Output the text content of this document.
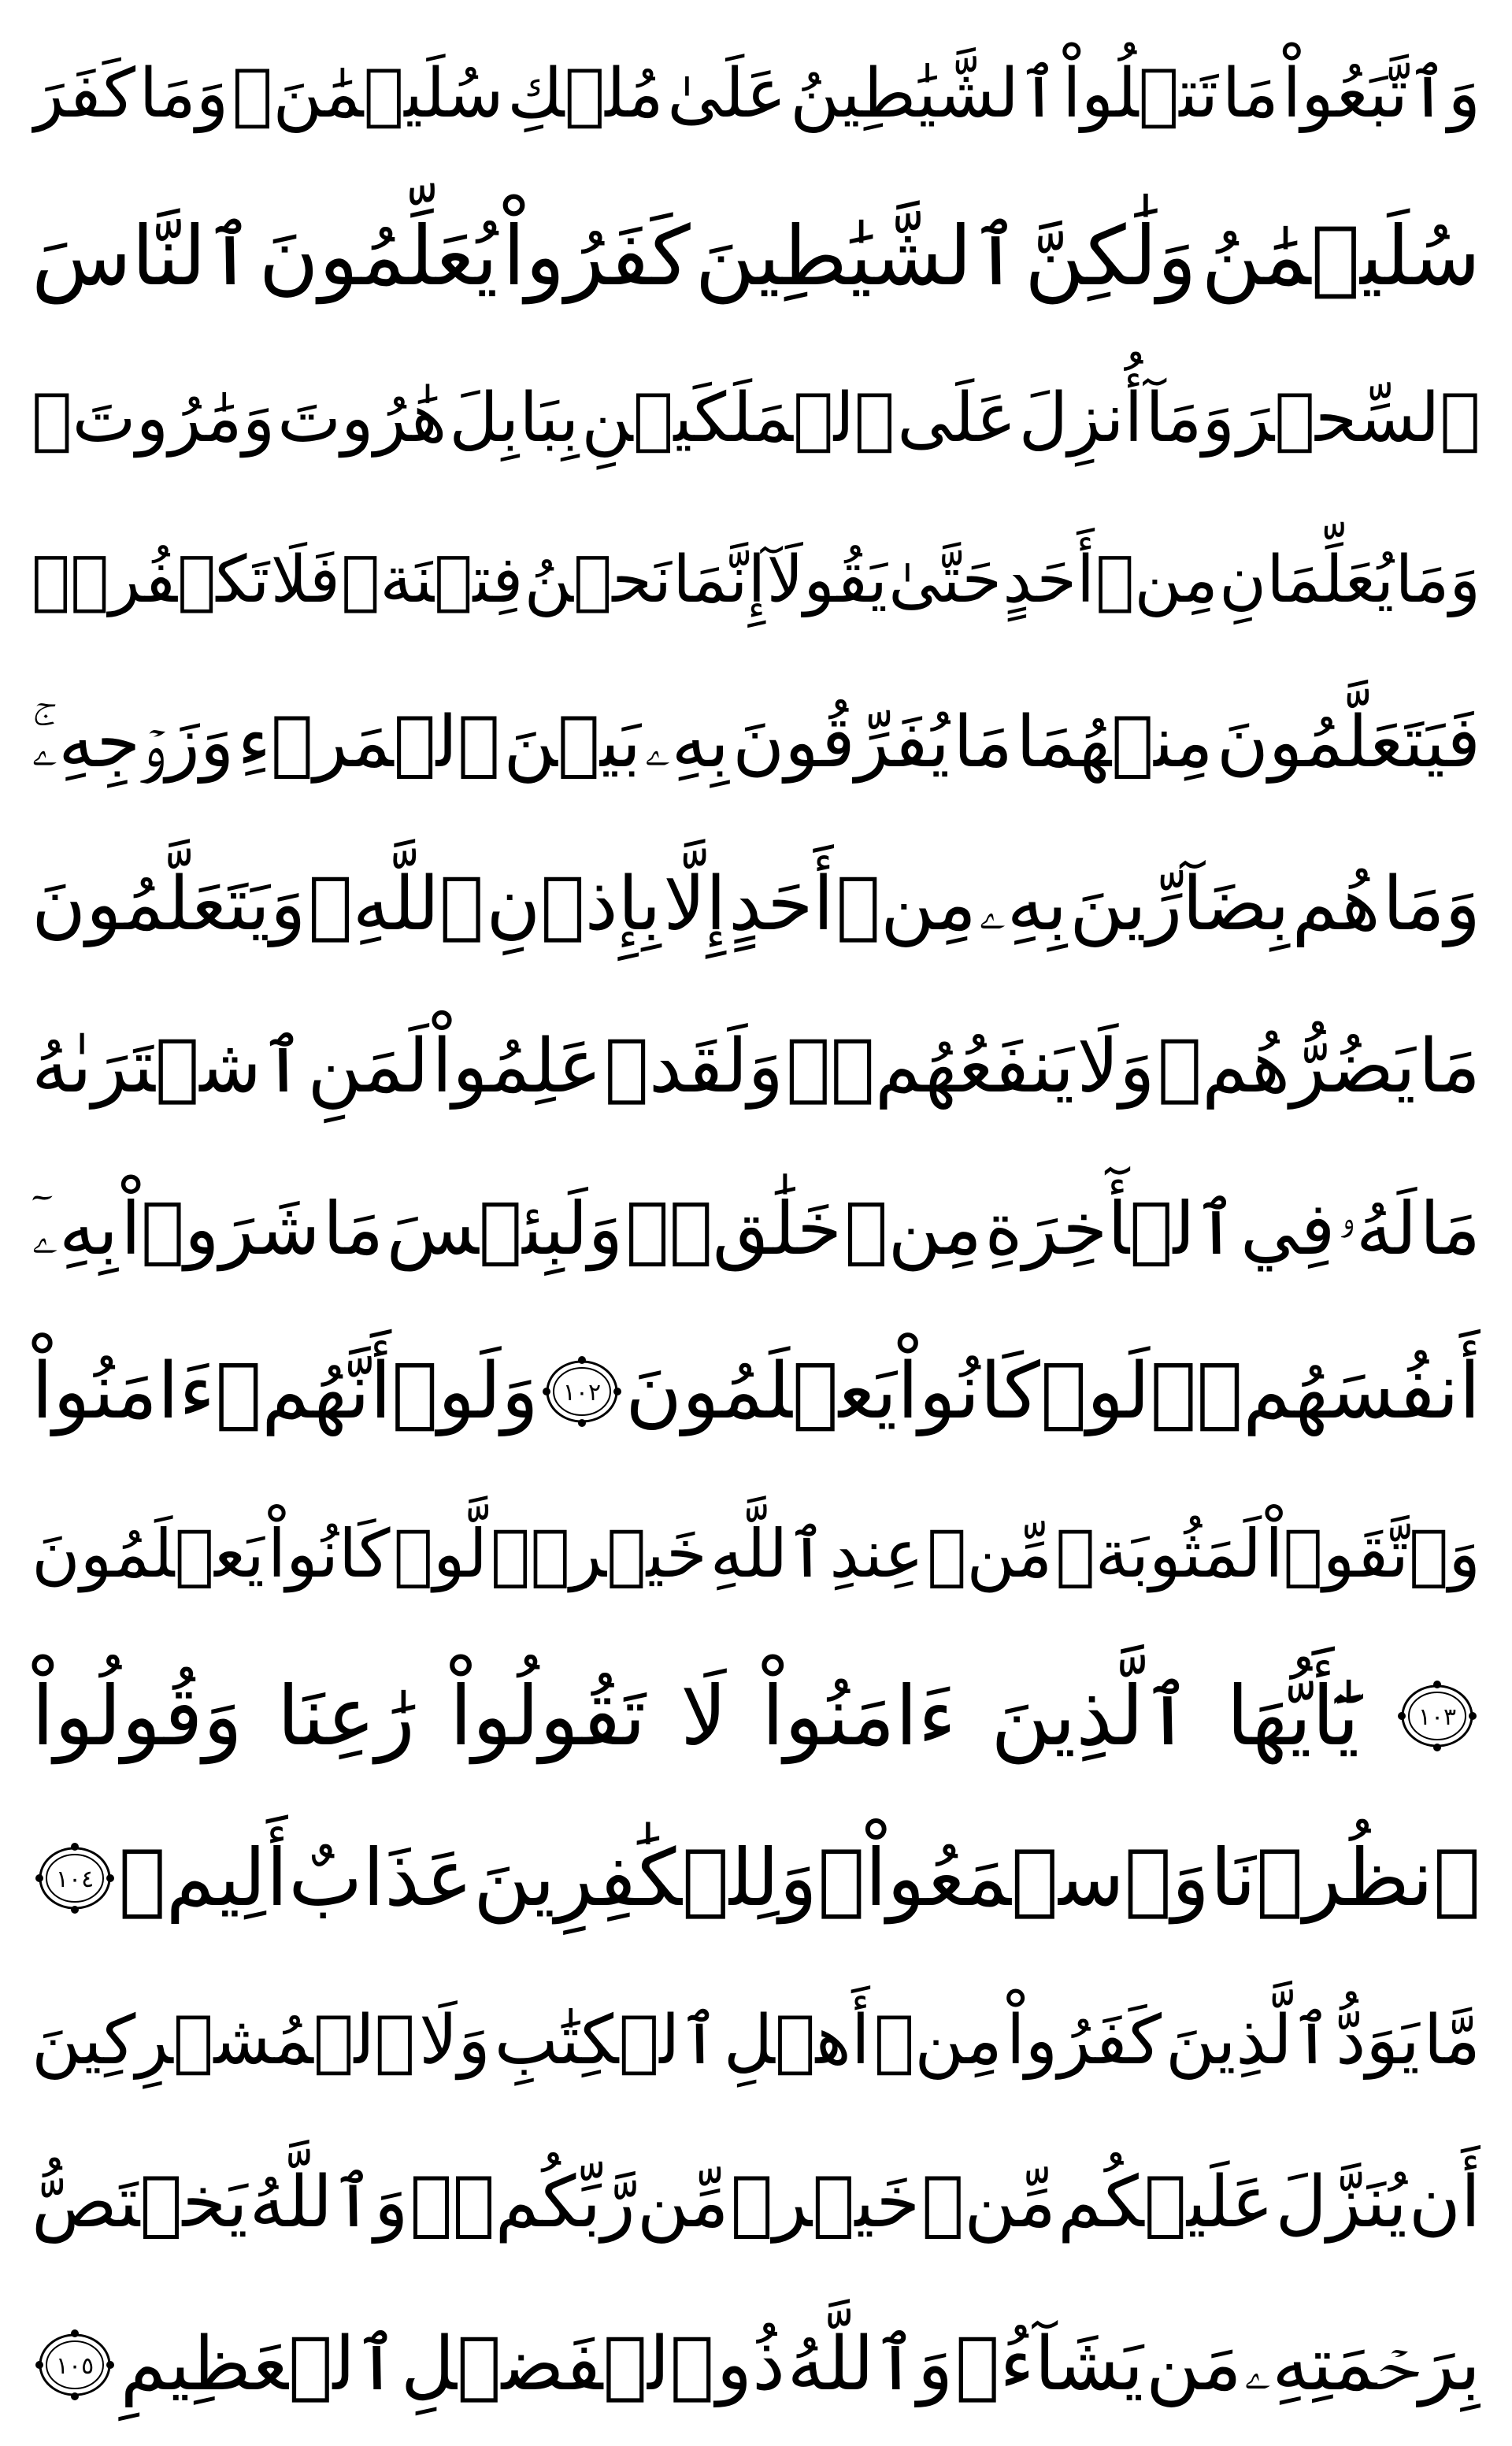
وَٱتَّبَعُواْ
مَا
تَتۡلُواْ
ٱلشَّيَٰطِينُ
عَلَىٰ
مُلۡكِ
سُلَيۡمَٰنَۖ
وَمَا
كَفَرَ
سُلَيۡمَٰنُ
وَلَٰكِنَّ
ٱلشَّيَٰطِينَ
كَفَرُواْ
يُعَلِّمُونَ
ٱلنَّاسَ
ٱلسِّحۡرَ
وَمَآ
أُنزِلَ
عَلَى
ٱلۡمَلَكَيۡنِ
بِبَابِلَ
هَٰرُوتَ
وَمَٰرُوتَۚ
وَمَا
يُعَلِّمَانِ
مِنۡ
أَحَدٍ
حَتَّىٰ
يَقُولَآ
إِنَّمَا
نَحۡنُ
فِتۡنَةٞ
فَلَا
تَكۡفُرۡۖ
فَيَتَعَلَّمُونَ
مِنۡهُمَا
مَا
يُفَرِّقُونَ
بِهِۦ
بَيۡنَ
ٱلۡمَرۡءِ
وَزَوۡجِهِۦۚ
وَمَا
هُم
بِضَآرِّينَ
بِهِۦ
مِنۡ
أَحَدٍ
إِلَّا
بِإِذۡنِ
ٱللَّهِۚ
وَيَتَعَلَّمُونَ
مَا
يَضُرُّهُمۡ
وَلَا
يَنفَعُهُمۡۚ
وَلَقَدۡ
عَلِمُواْ
لَمَنِ
ٱشۡتَرَىٰهُ
مَا
لَهُۥ
فِي
ٱلۡأٓخِرَةِ
مِنۡ
خَلَٰقٖۚ
وَلَبِئۡسَ
مَا
شَرَوۡاْ
بِهِۦٓ
أَنفُسَهُمۡۚ
لَوۡ
كَانُواْ
يَعۡلَمُونَ
١٠٢
وَلَوۡ
أَنَّهُمۡ
ءَامَنُواْ
وَٱتَّقَوۡاْ
لَمَثُوبَةٞ
مِّنۡ
عِندِ
ٱللَّهِ
خَيۡرٞۖ
لَّوۡ
كَانُواْ
يَعۡلَمُونَ
١٠٣
يَٰٓأَيُّهَا
ٱلَّذِينَ
ءَامَنُواْ
لَا
تَقُولُواْ
رَٰعِنَا
وَقُولُواْ
ٱنظُرۡنَا
وَٱسۡمَعُواْۗ
وَلِلۡكَٰفِرِينَ
عَذَابٌ
أَلِيمٞ
١٠٤
مَّا
يَوَدُّ
ٱلَّذِينَ
كَفَرُواْ
مِنۡ
أَهۡلِ
ٱلۡكِتَٰبِ
وَلَا
ٱلۡمُشۡرِكِينَ
أَن
يُنَزَّلَ
عَلَيۡكُم
مِّنۡ
خَيۡرٖ
مِّن
رَّبِّكُمۡۚ
وَٱللَّهُ
يَخۡتَصُّ
بِرَحۡمَتِهِۦ
مَن
يَشَآءُۚ
وَٱللَّهُ
ذُو
ٱلۡفَضۡلِ
ٱلۡعَظِيمِ
١٠٥
